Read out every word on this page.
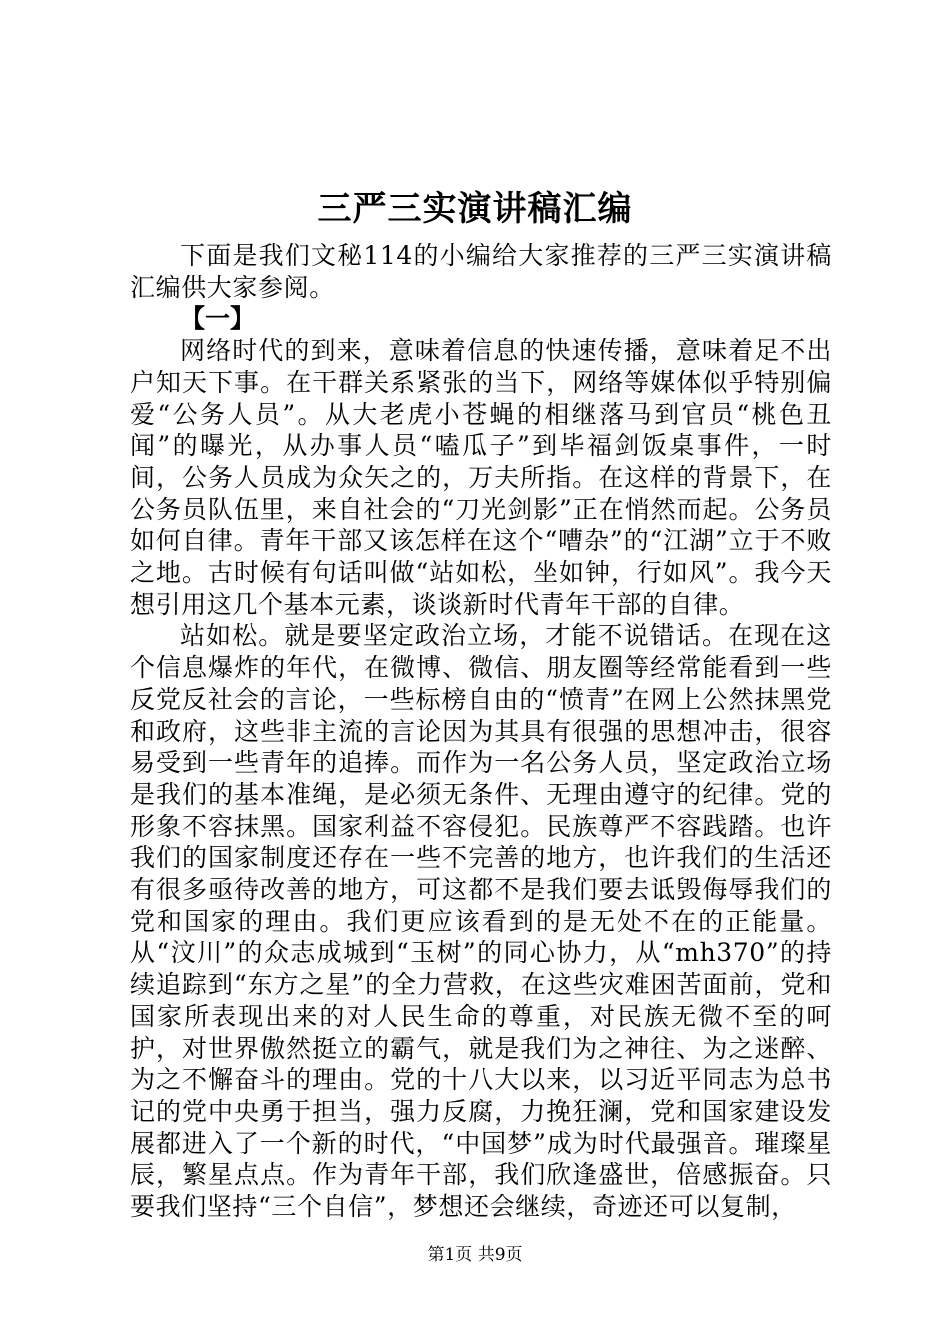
三严三实演讲稿汇编

下面是我们文秘114的小编给大家推荐的三严三实演讲稿汇编供大家参阅。

【一】

网络时代的到来，意味着信息的快速传播，意味着足不出户知天下事。在干群关系紧张的当下，网络等媒体似乎特别偏爱“公务人员”。从大老虎小苍蝇的相继落马到官员“桃色丑闻”的曝光，从办事人员“嗑瓜子”到毕福剑饭桌事件，一时间，公务人员成为众矢之的，万夫所指。在这样的背景下，在公务员队伍里，来自社会的“刀光剑影”正在悄然而起。公务员如何自律。青年干部又该怎样在这个“嘈杂”的“江湖”立于不败之地。古时候有句话叫做“站如松，坐如钟，行如风”。我今天想引用这几个基本元素，谈谈新时代青年干部的自律。

站如松。就是要坚定政治立场，才能不说错话。在现在这个信息爆炸的年代，在微博、微信、朋友圈等经常能看到一些反党反社会的言论，一些标榜自由的“愤青”在网上公然抹黑党和政府，这些非主流的言论因为其具有很强的思想冲击，很容易受到一些青年的追捧。而作为一名公务人员，坚定政治立场是我们的基本准绳，是必须无条件、无理由遵守的纪律。党的形象不容抹黑。国家利益不容侵犯。民族尊严不容践踏。也许我们的国家制度还存在一些不完善的地方，也许我们的生活还有很多亟待改善的地方，可这都不是我们要去诋毁侮辱我们的党和国家的理由。我们更应该看到的是无处不在的正能量。从“汶川”的众志成城到“玉树”的同心协力，从“mh370”的持续追踪到“东方之星”的全力营救，在这些灾难困苦面前，党和国家所表现出来的对人民生命的尊重，对民族无微不至的呵护，对世界傲然挺立的霸气，就是我们为之神往、为之迷醉、为之不懈奋斗的理由。党的十八大以来，以习近平同志为总书记的党中央勇于担当，强力反腐，力挽狂澜，党和国家建设发展都进入了一个新的时代，“中国梦”成为时代最强音。璀璨星辰，繁星点点。作为青年干部，我们欣逢盛世，倍感振奋。只要我们坚持“三个自信”，梦想还会继续，奇迹还可以复制，

第1页 共9页
